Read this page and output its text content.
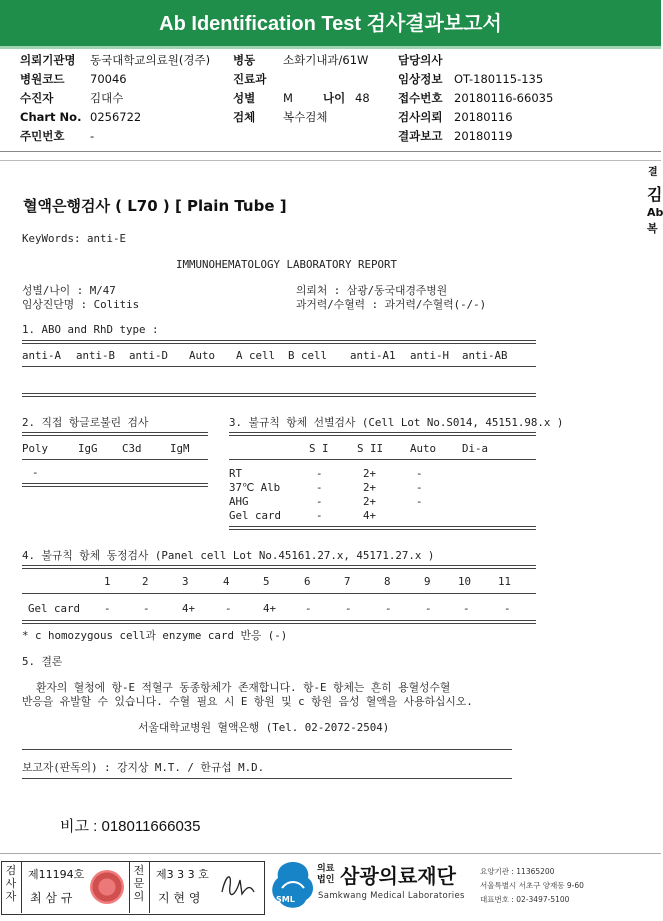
Ab Identification Test 검사결과보고서
의뢰기관명 동국대학교의료원(경주)
병원코드 70046
수진자	김대수
Chart No. 0256722
주민번호 -
병동 소화기내과/61W
진료과
성별 M	나이 48
검체 복수검체
담당의사
임상정보 OT-180115-135
접수번호 20180116-66035
검사의뢰 20180116
결과보고 20180119
결
김
Ab
복
혈액은행검사 ( L70 ) [ Plain Tube ]
KeyWords: anti-E
IMMUNOHEMATOLOGY LABORATORY REPORT
성별/나이 : M/47
임상진단명 : Colitis
의뢰처 : 삼광/동국대경주병원
과거력/수혈력 : 과거력/수혈력(-/-)
1. ABO and RhD type :
anti-A anti-B anti-D Auto A cell B cell anti-A1 anti-H anti-AB
2. 직접 항글로불린 검사
Poly	IgG C3d	IgM
-
3. 불규칙 항체 선별검사 (Cell Lot No.S014, 45151.98.x )
S I	S II Auto Di-a
RT	-	2+	-
37℃ Alb	-	2+	-
AHG	-	2+	-
Gel card	-	4+
4. 불규칙 항체 동정검사 (Panel cell Lot No.45161.27.x, 45171.27.x )
1	2	3	4	5	6	7	8	9	10 11
Gel card -	-	4+	-	4+	-	-	-	-	-	-
* c homozygous cell과 enzyme card 반응 (-)
5. 결론
환자의 혈청에 항-E 적혈구 동종항체가 존재합니다. 항-E 항체는 흔히 용혈성수혈
반응을 유발할 수 있습니다. 수혈 필요 시 E 항원 및 c 항원 음성 혈액을 사용하십시오.
서울대학교병원 혈액은행 (Tel. 02-2072-2504)
보고자(판독의) : 강지상 M.T. / 한규섭 M.D.
비고 : 018011666035
검사자
제11194호
최 삼 규
전문의
제3 3 3 호
지 현 영	SML
의료법인 삼광의료재단
Samkwang Medical Laboratories
요양기관 : 11365200
서울특별시 서초구 양재동 9-60
대표번호 : 02-3497-5100
